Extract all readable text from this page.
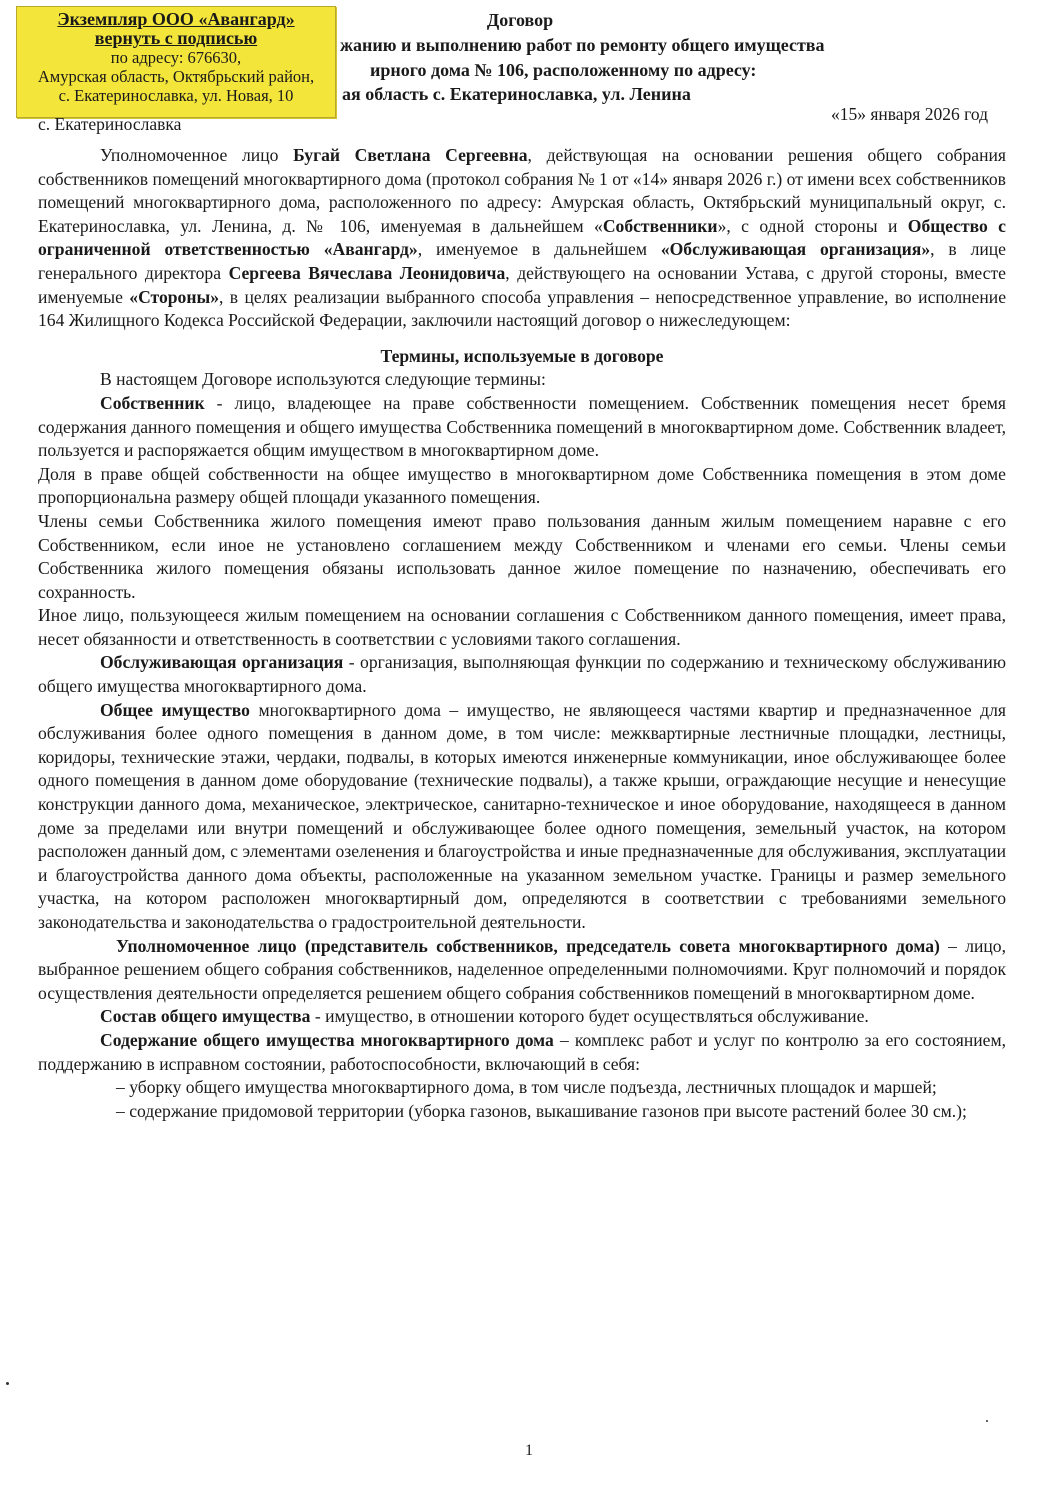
Экземпляр ООО «Авангард»
вернуть с подписью
по адресу: 676630,
Амурская область, Октябрьский район,
с. Екатеринославка, ул. Новая, 10
Договор
жанию и выполнению работ по ремонту общего имущества
ирного дома № 106, расположенному по адресу:
ая область с. Екатеринославка, ул. Ленина
с. Екатеринославка	«15» января 2026 год

Уполномоченное лицо Бугай Светлана Сергеевна, действующая на основании решения общего собрания собственников помещений многоквартирного дома (протокол собрания № 1 от «14» января 2026 г.) от имени всех собственников помещений многоквартирного дома, расположенного по адресу: Амурская область, Октябрьский муниципальный округ, с. Екатеринославка, ул. Ленина, д. № 106, именуемая в дальнейшем «Собственники», с одной стороны и Общество с ограниченной ответственностью «Авангард», именуемое в дальнейшем «Обслуживающая организация», в лице генерального директора Сергеева Вячеслава Леонидовича, действующего на основании Устава, с другой стороны, вместе именуемые «Стороны», в целях реализации выбранного способа управления – непосредственное управление, во исполнение 164 Жилищного Кодекса Российской Федерации, заключили настоящий договор о нижеследующем:

Термины, используемые в договоре

В настоящем Договоре используются следующие термины:

Собственник - лицо, владеющее на праве собственности помещением. Собственник помещения несет бремя содержания данного помещения и общего имущества Собственника помещений в многоквартирном доме. Собственник владеет, пользуется и распоряжается общим имуществом в многоквартирном доме.

Доля в праве общей собственности на общее имущество в многоквартирном доме Собственника помещения в этом доме пропорциональна размеру общей площади указанного помещения.

Члены семьи Собственника жилого помещения имеют право пользования данным жилым помещением наравне с его Собственником, если иное не установлено соглашением между Собственником и членами его семьи. Члены семьи Собственника жилого помещения обязаны использовать данное жилое помещение по назначению, обеспечивать его сохранность.

Иное лицо, пользующееся жилым помещением на основании соглашения с Собственником данного помещения, имеет права, несет обязанности и ответственность в соответствии с условиями такого соглашения.

Обслуживающая организация - организация, выполняющая функции по содержанию и техническому обслуживанию общего имущества многоквартирного дома.

Общее имущество многоквартирного дома – имущество, не являющееся частями квартир и предназначенное для обслуживания более одного помещения в данном доме, в том числе: межквартирные лестничные площадки, лестницы, коридоры, технические этажи, чердаки, подвалы, в которых имеются инженерные коммуникации, иное обслуживающее более одного помещения в данном доме оборудование (технические подвалы), а также крыши, ограждающие несущие и ненесущие конструкции данного дома, механическое, электрическое, санитарно-техническое и иное оборудование, находящееся в данном доме за пределами или внутри помещений и обслуживающее более одного помещения, земельный участок, на котором расположен данный дом, с элементами озеленения и благоустройства и иные предназначенные для обслуживания, эксплуатации и благоустройства данного дома объекты, расположенные на указанном земельном участке. Границы и размер земельного участка, на котором расположен многоквартирный дом, определяются в соответствии с требованиями земельного законодательства и законодательства о градостроительной деятельности.

Уполномоченное лицо (представитель собственников, председатель совета многоквартирного дома) – лицо, выбранное решением общего собрания собственников, наделенное определенными полномочиями. Круг полномочий и порядок осуществления деятельности определяется решением общего собрания собственников помещений в многоквартирном доме.

Состав общего имущества - имущество, в отношении которого будет осуществляться обслуживание.

Содержание общего имущества многоквартирного дома – комплекс работ и услуг по контролю за его состоянием, поддержанию в исправном состоянии, работоспособности, включающий в себя:

– уборку общего имущества многоквартирного дома, в том числе подъезда, лестничных площадок и маршей;

– содержание придомовой территории (уборка газонов, выкашивание газонов при высоте растений более 30 см.);

1
